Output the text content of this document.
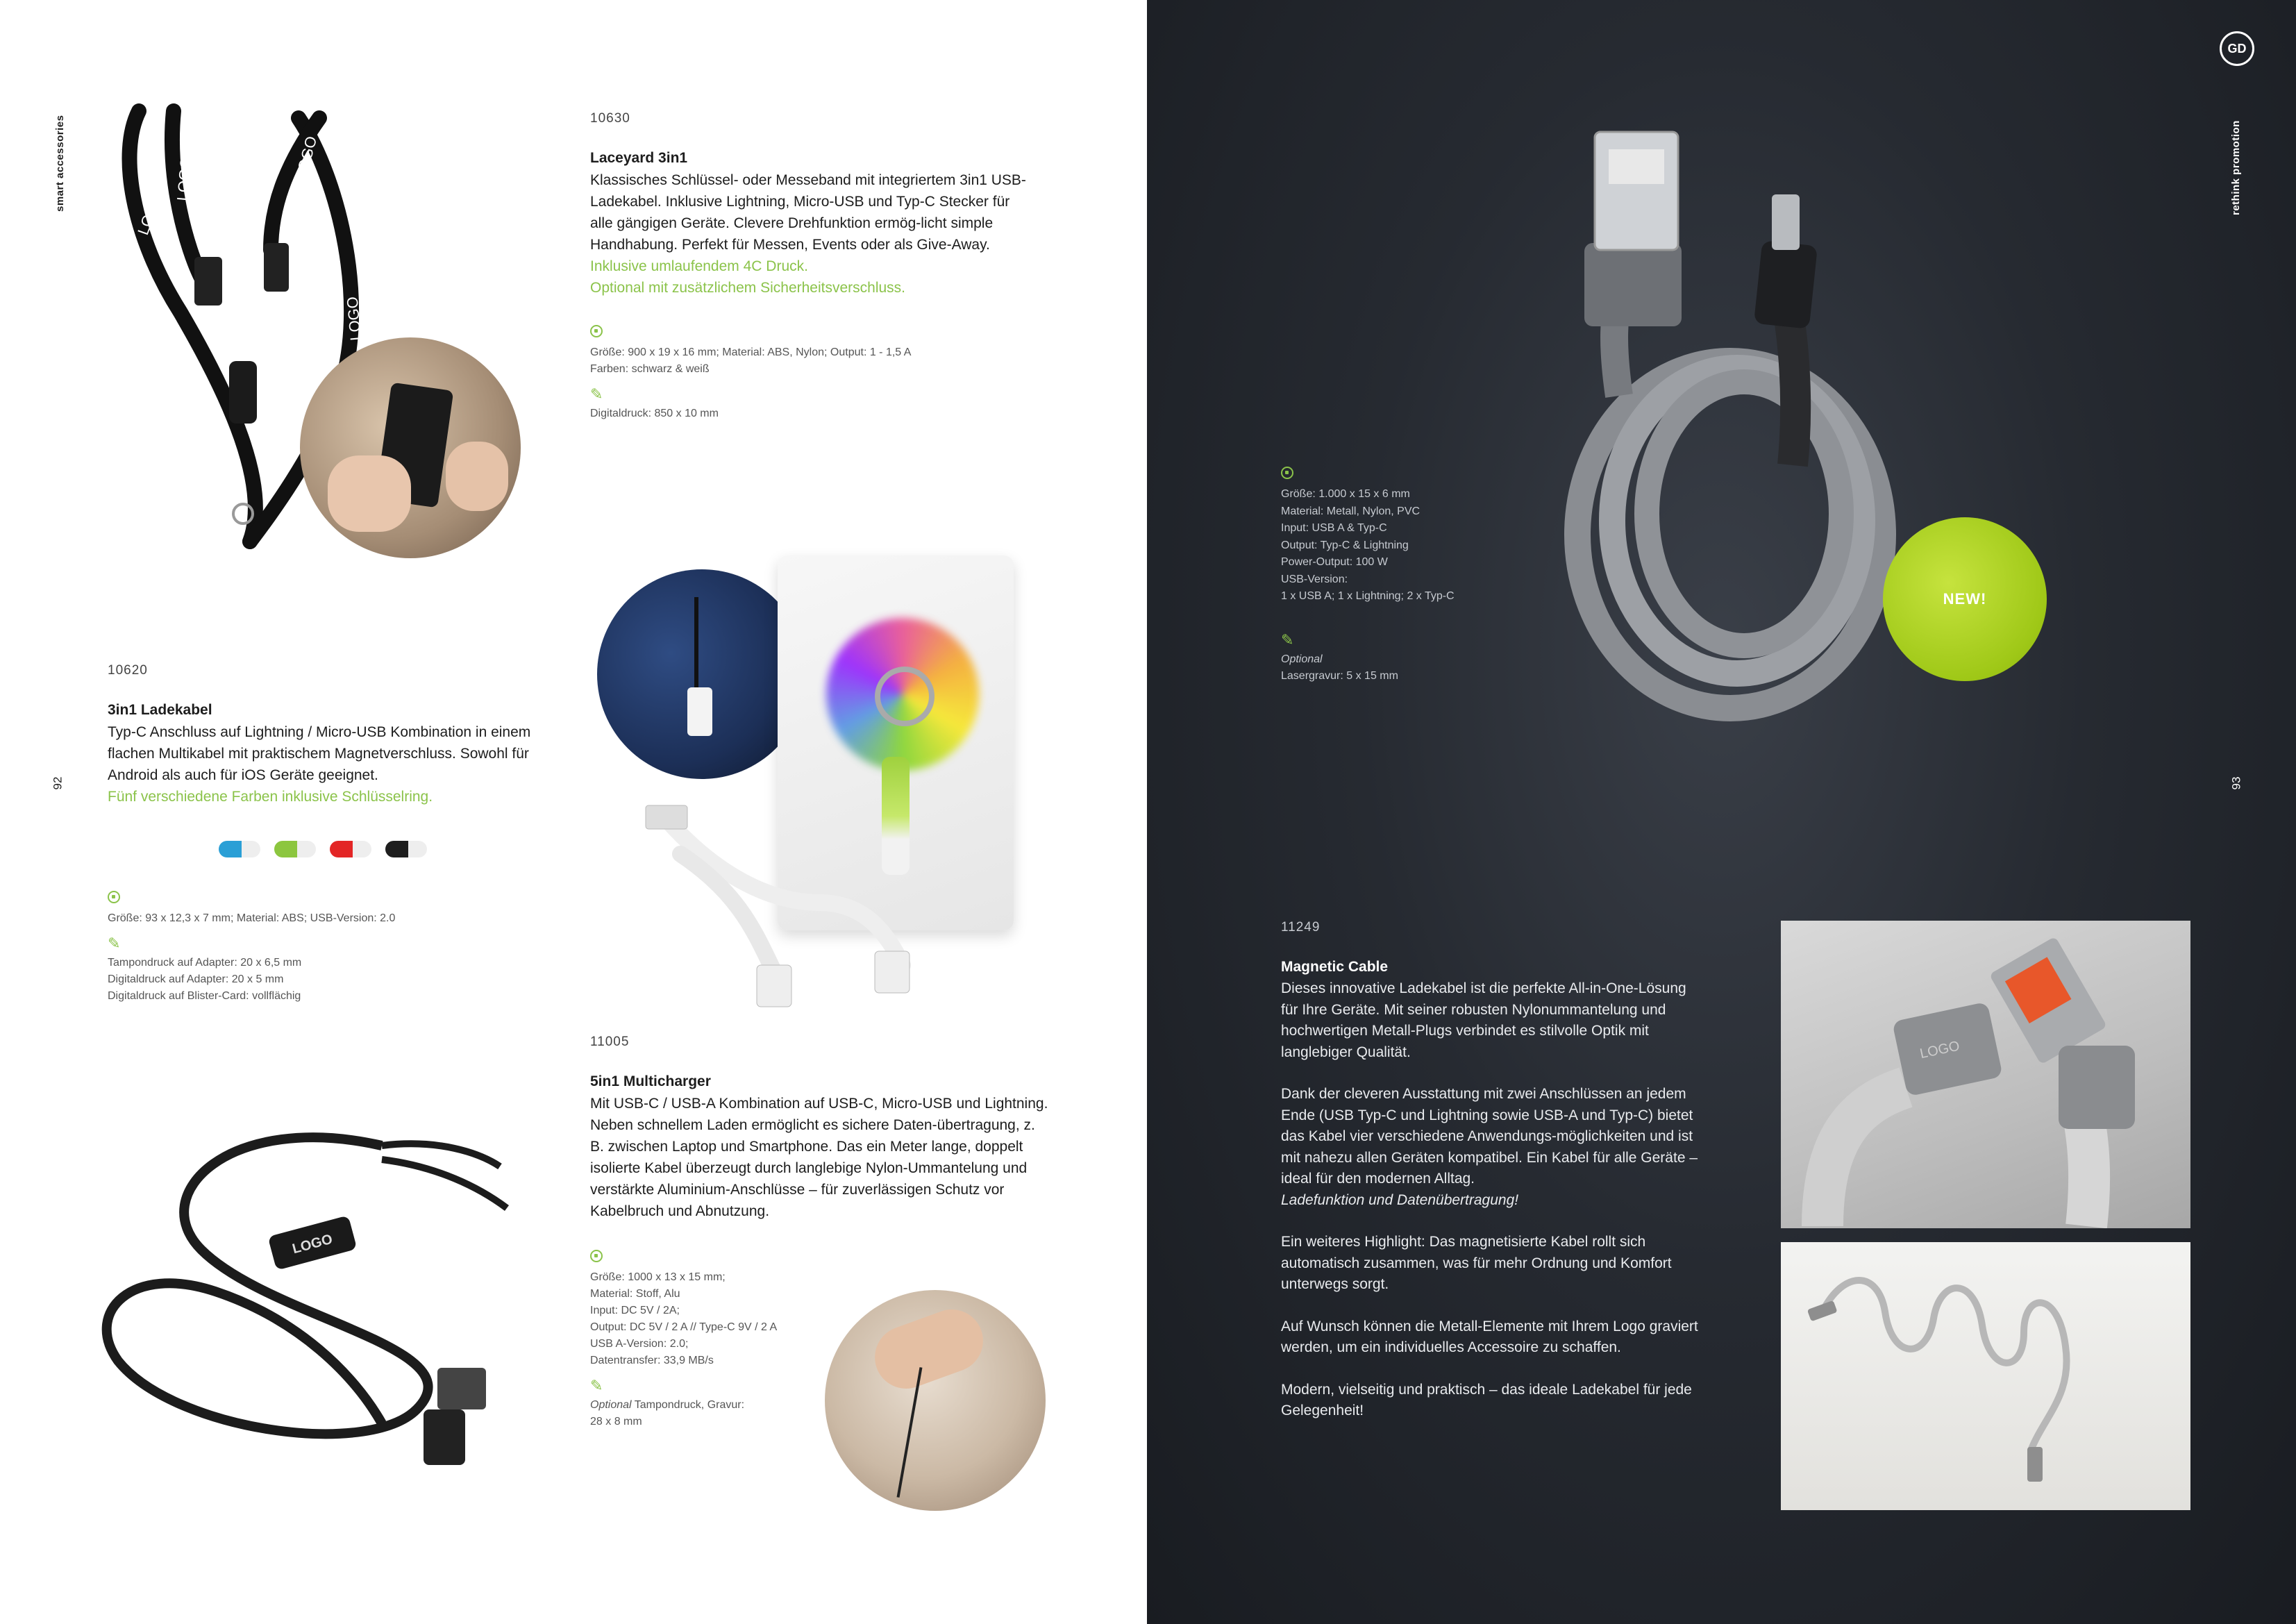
smart accessories
92
LOGO
LOGO	LOGO
LOGO
10630
Laceyard 3in1

Klassisches Schlüssel- oder Messeband mit integriertem 3in1 USB-Ladekabel. Inklusive Lightning, Micro-USB und Typ-C Stecker für alle gängigen Geräte. Clevere Drehfunktion ermög-licht simple Handhabung. Perfekt für Messen, Events oder als Give-Away.

Inklusive umlaufendem 4C Druck.

Optional mit zusätzlichem Sicherheitsverschluss.

Größe: 900 x 19 x 16 mm; Material: ABS, Nylon; Output: 1 - 1,5 A

Farben: schwarz & weiß

✎

Digitaldruck: 850 x 10 mm

10620
3in1 Ladekabel

Typ-C Anschluss auf Lightning / Micro-USB Kombination in einem flachen Multikabel mit praktischem Magnetverschluss. Sowohl für Android als auch für iOS Geräte geeignet.

Fünf verschiedene Farben inklusive Schlüsselring.

Größe: 93 x 12,3 x 7 mm; Material: ABS; USB-Version: 2.0

✎

Tampondruck auf Adapter: 20 x 6,5 mm

Digitaldruck auf Adapter: 20 x 5 mm

Digitaldruck auf Blister-Card: vollflächig

LOGO
11005
5in1 Multicharger

Mit USB-C / USB-A Kombination auf USB-C, Micro-USB und Lightning. Neben schnellem Laden ermöglicht es sichere Daten-übertragung, z. B. zwischen Laptop und Smartphone. Das ein Meter lange, doppelt isolierte Kabel überzeugt durch langlebige Nylon-Ummantelung und verstärkte Aluminium-Anschlüsse – für zuverlässigen Schutz vor Kabelbruch und Abnutzung.

Größe: 1000 x 13 x 15 mm;

Material: Stoff, Alu

Input: DC 5V / 2A;

Output: DC 5V / 2 A // Type-C 9V / 2 A

USB A-Version: 2.0;

Datentransfer: 33,9 MB/s

✎

Optional Tampondruck, Gravur:

28 x 8 mm

GD
rethink promotion
93
NEW!

Größe: 1.000 x 15 x 6 mm

Material: Metall, Nylon, PVC

Input: USB A & Typ-C

Output: Typ-C & Lightning

Power-Output: 100 W

USB-Version:

1 x USB A; 1 x Lightning; 2 x Typ-C

✎

Optional

Lasergravur: 5 x 15 mm

11249
Magnetic Cable

Dieses innovative Ladekabel ist die perfekte All-in-One-Lösung für Ihre Geräte. Mit seiner robusten Nylonummantelung und hochwertigen Metall-Plugs verbindet es stilvolle Optik mit langlebiger Qualität.

Dank der cleveren Ausstattung mit zwei Anschlüssen an jedem Ende (USB Typ-C und Lightning sowie USB-A und Typ-C) bietet das Kabel vier verschiedene Anwendungs-möglichkeiten und ist mit nahezu allen Geräten kompatibel. Ein Kabel für alle Geräte – ideal für den modernen Alltag.

Ladefunktion und Datenübertragung!

Ein weiteres Highlight: Das magnetisierte Kabel rollt sich automatisch zusammen, was für mehr Ordnung und Komfort unterwegs sorgt.

Auf Wunsch können die Metall-Elemente mit Ihrem Logo graviert werden, um ein individuelles Accessoire zu schaffen.

Modern, vielseitig und praktisch – das ideale Ladekabel für jede Gelegenheit!

LOGO
